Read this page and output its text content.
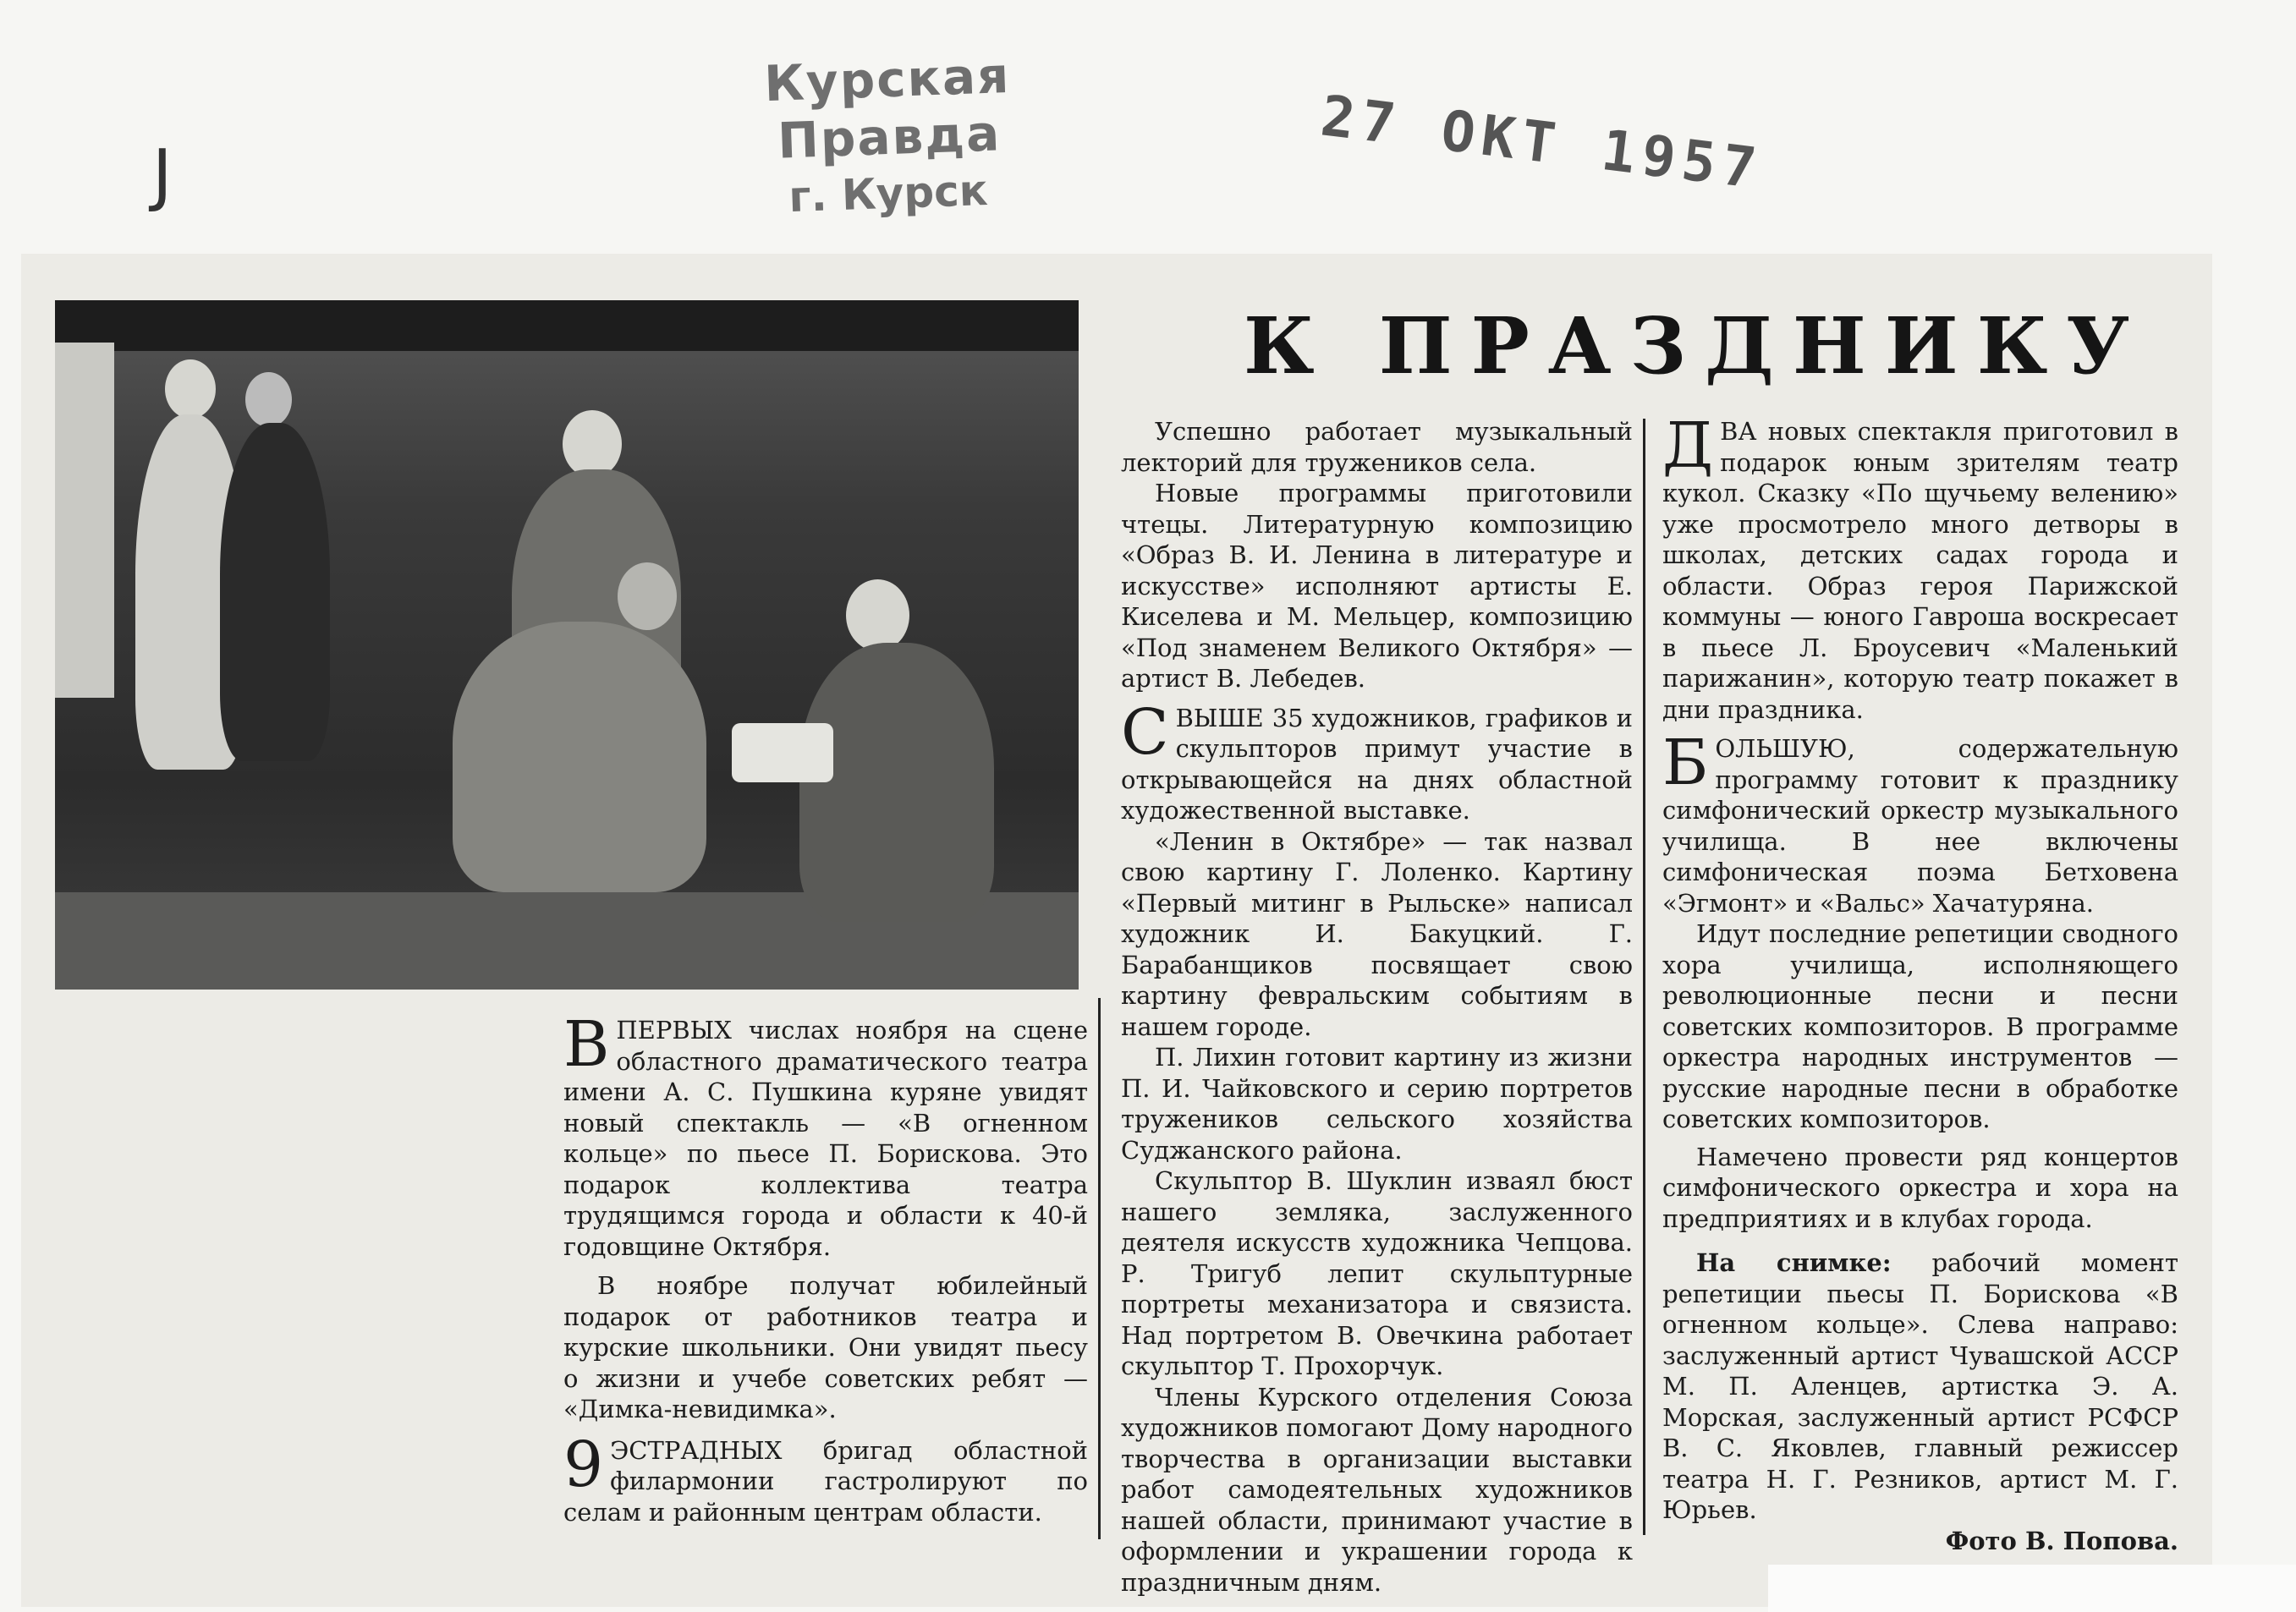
J
Курская Правда
г. Курск	27 ОКТ 1957
К ПРАЗДНИКУ

ВПЕРВЫХ числах ноября на сцене областного драматического театра имени А. С. Пушкина куряне увидят новый спектакль — «В огненном кольце» по пьесе П. Борискова. Это подарок коллектива театра трудящимся города и области к 40-й годовщине Октября.

В ноябре получат юбилейный подарок от работников театра и курские школьники. Они увидят пьесу о жизни и учебе советских ребят — «Димка-невидимка».

9 ЭСТРАДНЫХ бригад областной филармонии гастролируют по селам и районным центрам области.

Успешно работает музыкальный лекторий для тружеников села.

Новые программы приготовили чтецы. Литературную композицию «Образ В. И. Ленина в литературе и искусстве» исполняют артисты Е. Киселева и М. Мельцер, композицию «Под знаменем Великого Октября» — артист В. Лебедев.

СВЫШЕ 35 художников, графиков и скульпторов примут участие в открывающейся на днях областной художественной выставке.

«Ленин в Октябре» — так назвал свою картину Г. Лоленко. Картину «Первый митинг в Рыльске» написал художник И. Бакуцкий. Г. Барабанщиков посвящает свою картину февральским событиям в нашем городе.

П. Лихин готовит картину из жизни П. И. Чайковского и серию портретов тружеников сельского хозяйства Суджанского района.

Скульптор В. Шуклин изваял бюст нашего земляка, заслуженного деятеля искусств художника Чепцова. Р. Тригуб лепит скульптурные портреты механизатора и связиста. Над портретом В. Овечкина работает скульптор Т. Прохорчук.

Члены Курского отделения Союза художников помогают Дому народного творчества в организации выставки работ самодеятельных художников нашей области, принимают участие в оформлении и украшении города к праздничным дням.

ДВА новых спектакля приготовил в подарок юным зрителям театр кукол. Сказку «По щучьему велению» уже просмотрело много детворы в школах, детских садах города и области. Образ героя Парижской коммуны — юного Гавроша воскресает в пьесе Л. Броусевич «Маленький парижанин», которую театр покажет в дни праздника.

БОЛЬШУЮ, содержательную программу готовит к празднику симфонический оркестр музыкального училища. В нее включены симфоническая поэма Бетховена «Эгмонт» и «Вальс» Хачатуряна.

Идут последние репетиции сводного хора училища, исполняющего революционные песни и песни советских композиторов. В программе оркестра народных инструментов — русские народные песни в обработке советских композиторов.

Намечено провести ряд концертов симфонического оркестра и хора на предприятиях и в клубах города.

На снимке: рабочий момент репетиции пьесы П. Борискова «В огненном кольце». Слева направо: заслуженный артист Чувашской АССР М. П. Аленцев, артистка Э. А. Морская, заслуженный артист РСФСР В. С. Яковлев, главный режиссер театра Н. Г. Резников, артист М. Г. Юрьев.

Фото В. Попова.
